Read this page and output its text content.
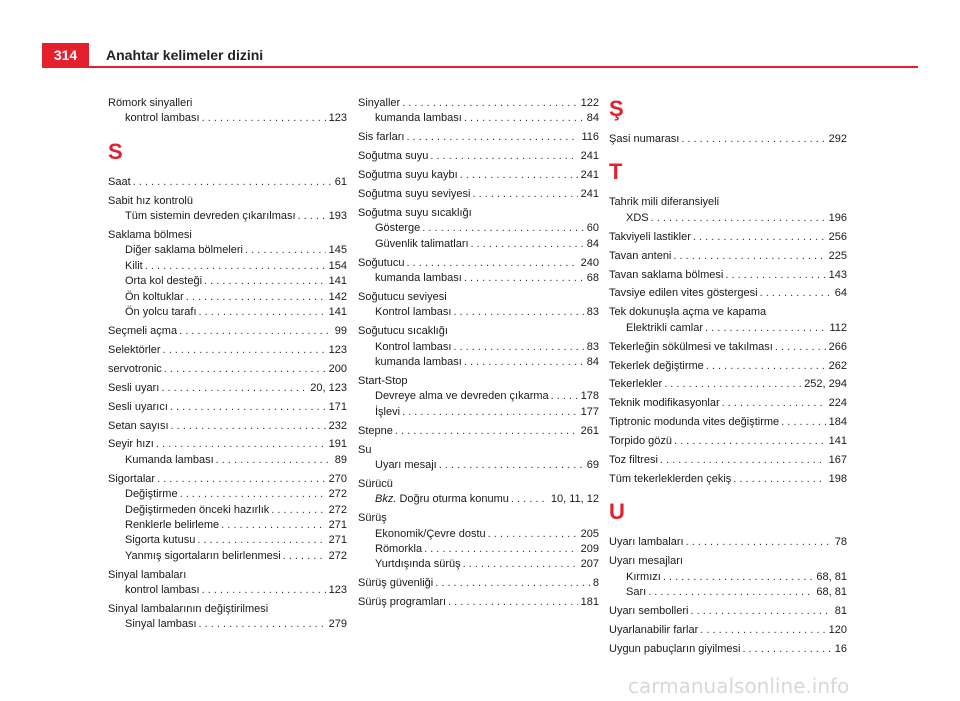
314	Anahtar kelimeler dizini
Römork sinyalleri
kontrol lambası . . .	123
S
Saat . . .	61
Sabit hız kontrolü
Tüm sistemin devreden çıkarılması . . .	193
Saklama bölmesi
Diğer saklama bölmeleri . . .	145
Kilit . . .	154
Orta kol desteği . . .	141
Ön koltuklar . . .	142
Ön yolcu tarafı . . .	141
Seçmeli açma . . .	99
Selektörler . . .	123
servotronic . . .	200
Sesli uyarı . . .	20, 123
Sesli uyarıcı . . .	171
Setan sayısı . . .	232
Seyir hızı . . .	191
Kumanda lambası . . .	89
Sigortalar . . .	270
Değiştirme . . .	272
Değiştirmeden önceki hazırlık . . .	272
Renklerle belirleme . . .	271
Sigorta kutusu . . .	271
Yanmış sigortaların belirlenmesi . . .	272
Sinyal lambaları
kontrol lambası . . .	123
Sinyal lambalarının değiştirilmesi
Sinyal lambası . . .	279
Sinyaller . . .	122
kumanda lambası . . .	84
Sis farları . . .	116
Soğutma suyu . . .	241
Soğutma suyu kaybı . . .	241
Soğutma suyu seviyesi . . .	241
Soğutma suyu sıcaklığı
Gösterge . . .	60
Güvenlik talimatları . . .	84
Soğutucu . . .	240
kumanda lambası . . .	68
Soğutucu seviyesi
Kontrol lambası . . .	83
Soğutucu sıcaklığı
Kontrol lambası . . .	83
kumanda lambası . . .	84
Start-Stop
Devreye alma ve devreden çıkarma . . .	178
İşlevi . . .	177
Stepne . . .	261
Su
Uyarı mesajı . . .	69
Sürücü
Bkz. Doğru oturma konumu . . .	10, 11, 12
Sürüş
Ekonomik/Çevre dostu . . .	205
Römorkla . . .	209
Yurtdışında sürüş . . .	207
Sürüş güvenliği . . .	8
Sürüş programları . . .	181
Ş
Şasi numarası . . .	292
T
Tahrik mili diferansiyeli
XDS . . .	196
Takviyeli lastikler . . .	256
Tavan anteni . . .	225
Tavan saklama bölmesi . . .	143
Tavsiye edilen vites göstergesi . . .	64
Tek dokunuşla açma ve kapama
Elektrikli camlar . . .	112
Tekerleğin sökülmesi ve takılması . . .	266
Tekerlek değiştirme . . .	262
Tekerlekler . . .	252, 294
Teknik modifikasyonlar . . .	224
Tiptronic modunda vites değiştirme . . .	184
Torpido gözü . . .	141
Toz filtresi . . .	167
Tüm tekerleklerden çekiş . . .	198
U
Uyarı lambaları . . .	78
Uyarı mesajları
Kırmızı . . .	68, 81
Sarı . . .	68, 81
Uyarı sembolleri . . .	81
Uyarlanabilir farlar . . .	120
Uygun pabuçların giyilmesi . . .	16
carmanualsonline.info
